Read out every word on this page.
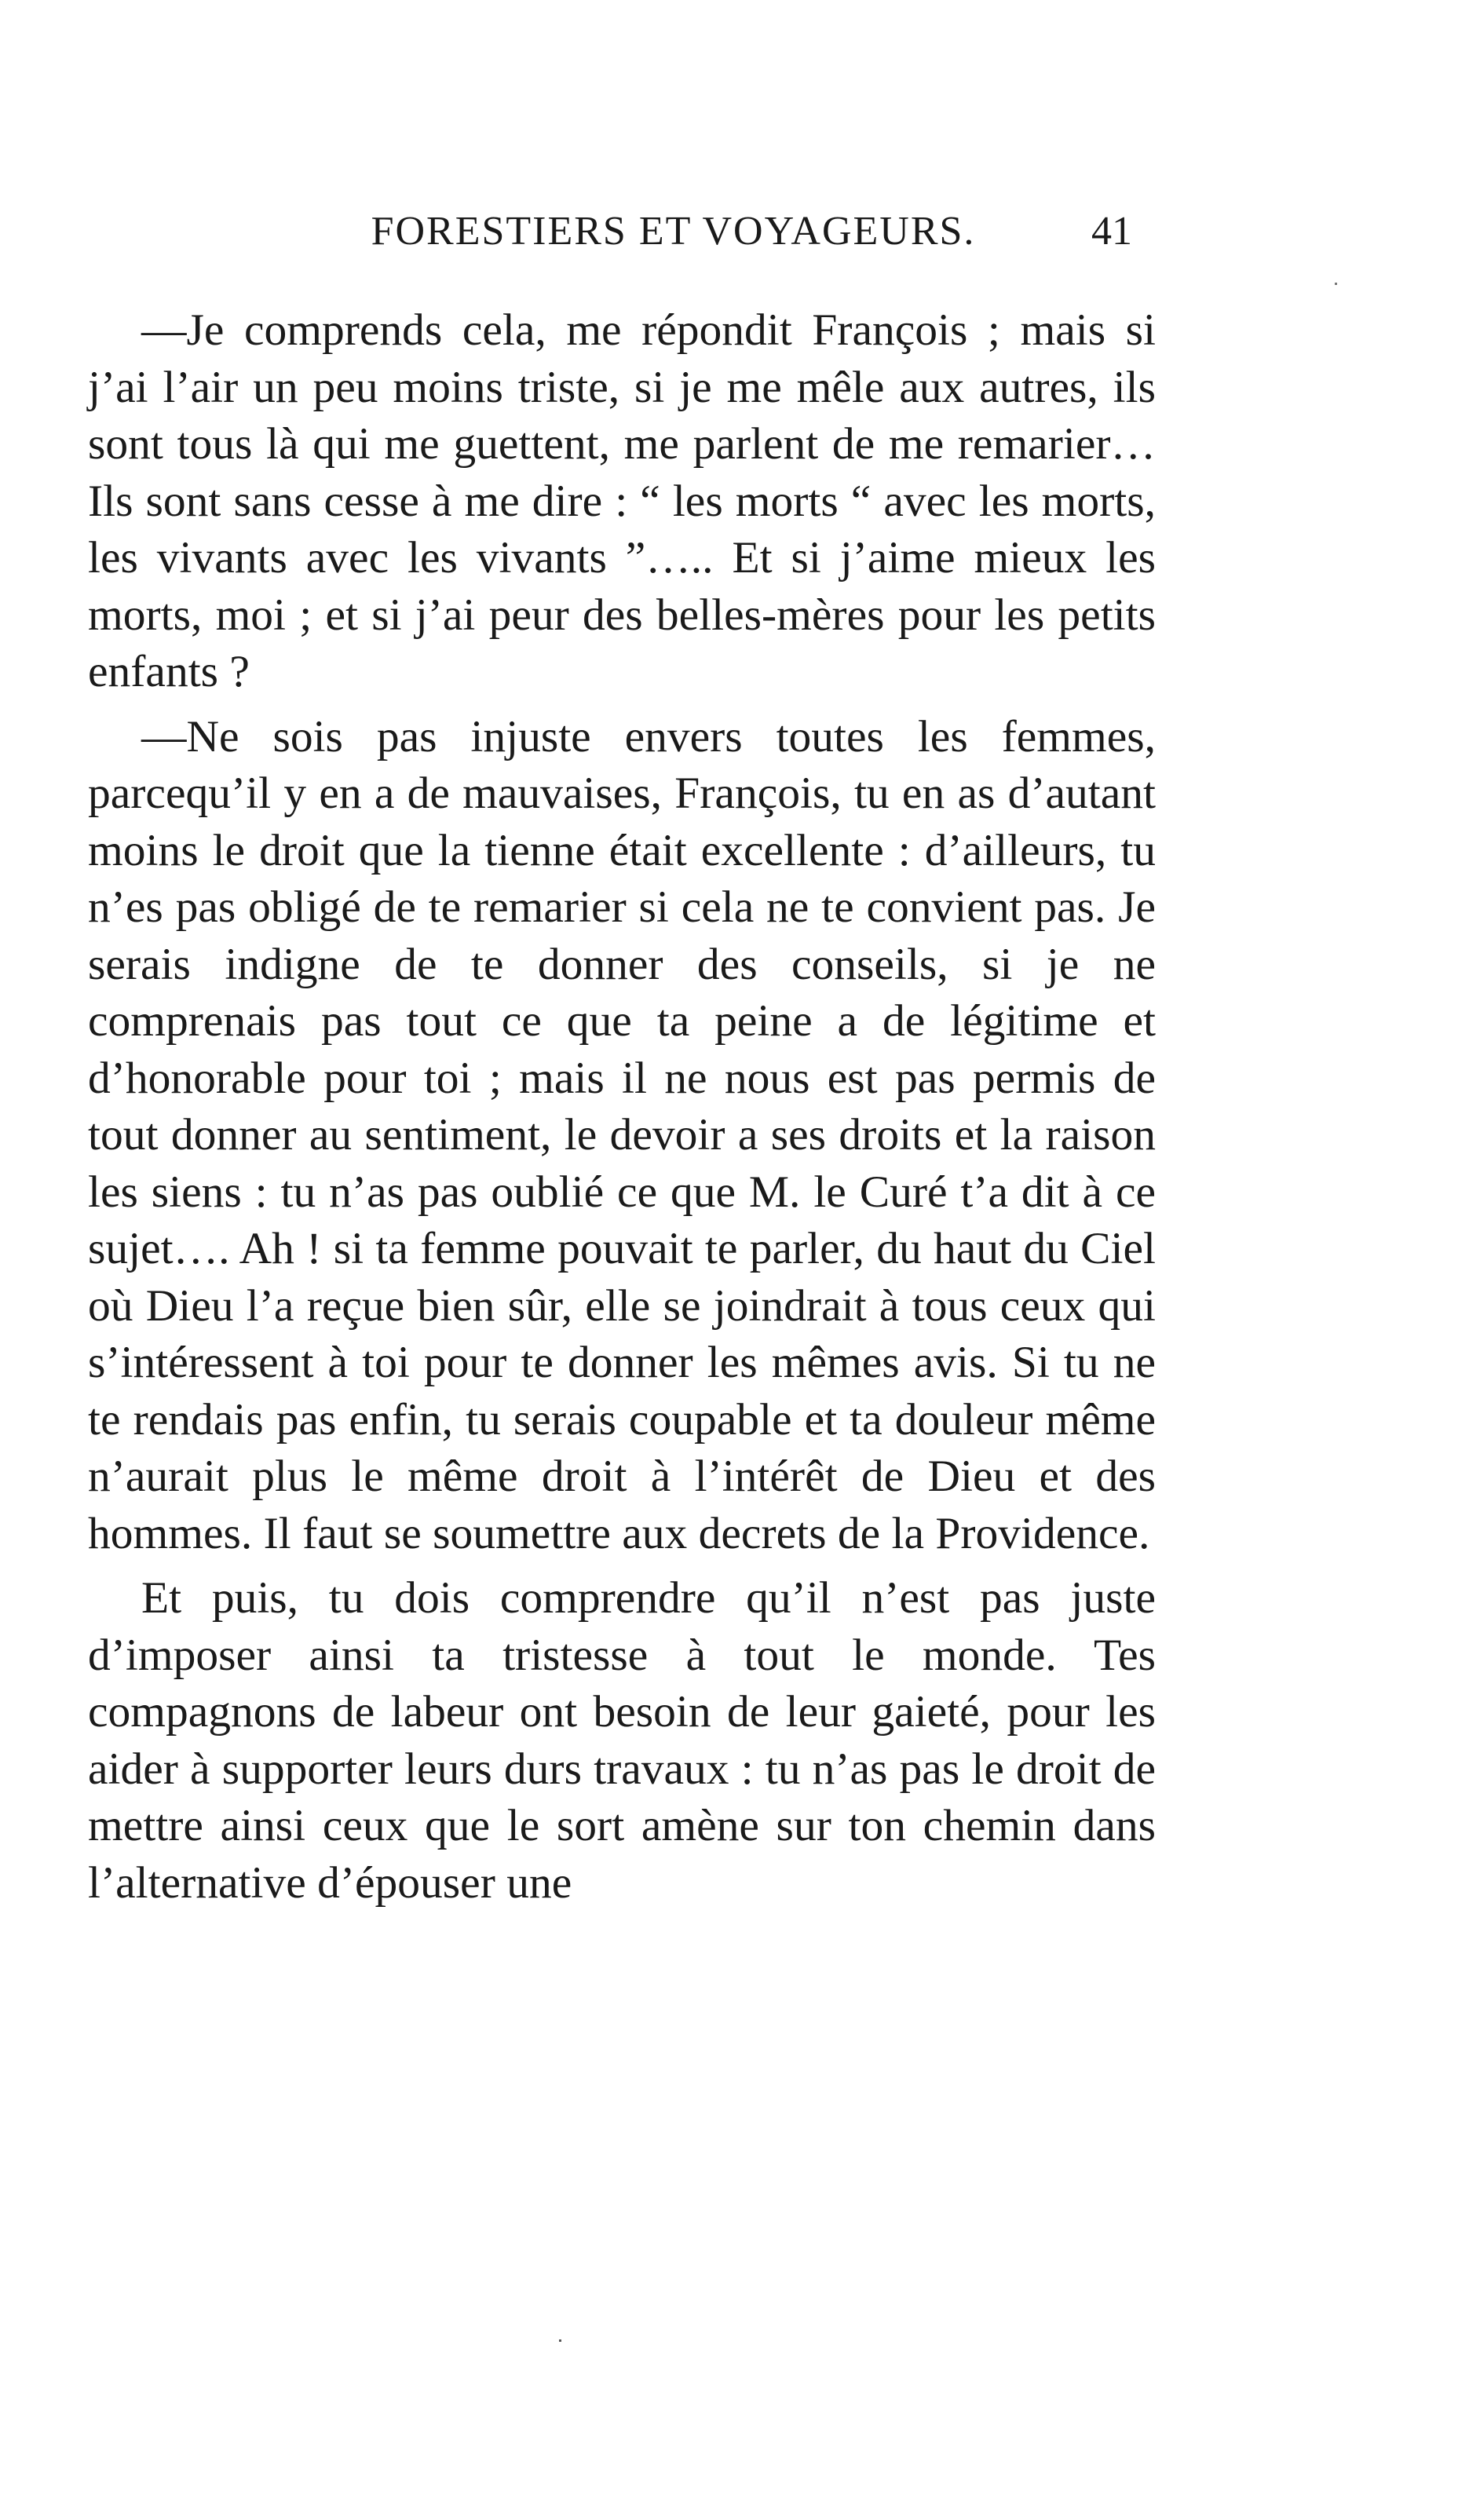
FORESTIERS ET VOYAGEURS.	41

—Je comprends cela, me répondit François ; mais si j’ai l’air un peu moins triste, si je me mêle aux autres, ils sont tous là qui me guettent, me parlent de me remarier… Ils sont sans cesse à me dire : “ les morts “ avec les morts, les vivants avec les vivants ”….. Et si j’aime mieux les morts, moi ; et si j’ai peur des belles-mères pour les petits enfants ?

—Ne sois pas injuste envers toutes les femmes, parcequ’il y en a de mauvaises, François, tu en as d’autant moins le droit que la tienne était excellente : d’ailleurs, tu n’es pas obligé de te remarier si cela ne te convient pas. Je serais indigne de te donner des conseils, si je ne comprenais pas tout ce que ta peine a de légitime et d’honorable pour toi ; mais il ne nous est pas permis de tout donner au sentiment, le devoir a ses droits et la raison les siens : tu n’as pas oublié ce que M. le Curé t’a dit à ce sujet…. Ah ! si ta femme pouvait te parler, du haut du Ciel où Dieu l’a reçue bien sûr, elle se joindrait à tous ceux qui s’intéressent à toi pour te donner les mêmes avis. Si tu ne te rendais pas enfin, tu serais coupable et ta douleur même n’aurait plus le même droit à l’intérêt de Dieu et des hommes. Il faut se soumettre aux decrets de la Providence.

Et puis, tu dois comprendre qu’il n’est pas juste d’imposer ainsi ta tristesse à tout le monde. Tes compagnons de labeur ont besoin de leur gaieté, pour les aider à supporter leurs durs travaux : tu n’as pas le droit de mettre ainsi ceux que le sort amène sur ton chemin dans l’alternative d’épouser une
